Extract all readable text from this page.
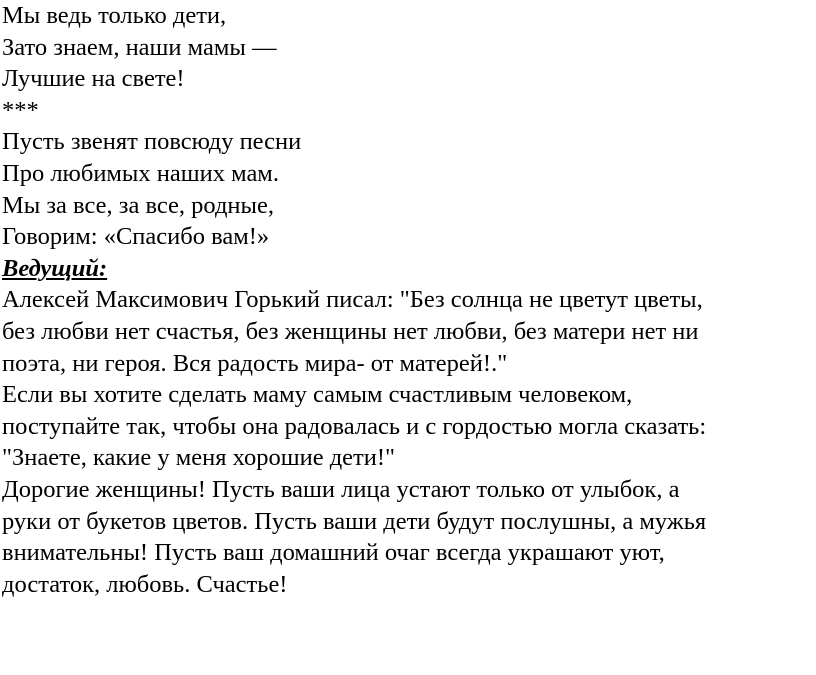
Мы ведь только дети,
Зато знаем, наши мамы —
Лучшие на свете!
***
Пусть звенят повсюду песни
Про любимых наших мам.
Мы за все, за все, родные,
Говорим: «Спасибо вам!»
Ведущий:
Алексей Максимович Горький писал: "Без солнца не цветут цветы,
без любви нет счастья, без женщины нет любви, без матери нет ни
поэта, ни героя. Вся радость мира- от матерей!."
Если вы хотите сделать маму самым счастливым человеком,
поступайте так, чтобы она радовалась и с гордостью могла сказать:
"Знаете, какие у меня хорошие дети!"
Дорогие женщины! Пусть ваши лица устают только от улыбок, а
руки от букетов цветов. Пусть ваши дети будут послушны, а мужья
внимательны! Пусть ваш домашний очаг всегда украшают уют,
достаток, любовь. Счастье!
